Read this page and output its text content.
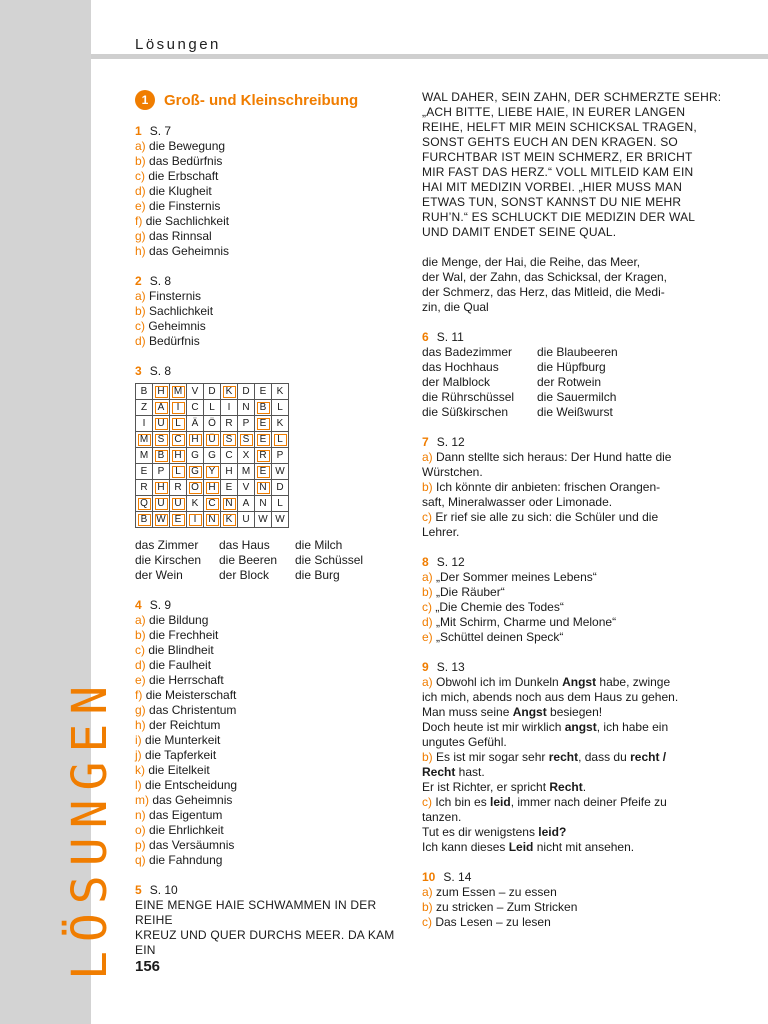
LÖSUNGEN
Lösungen
1	Groß- und Kleinschreibung
1 S. 7
a) die Bewegung
b) das Bedürfnis
c) die Erbschaft
d) die Klugheit
e) die Finsternis
f) die Sachlichkeit
g) das Rinnsal
h) das Geheimnis
2 S. 8
a) Finsternis
b) Sachlichkeit
c) Geheimnis
d) Bedürfnis
3 S. 8
B	H	M	V	D	K	D	E	K
Z	A	I	C	L	I	N	B	L
I	U	L	Ä	Ö	R	P	E	K
M	S	C	H	Ü	S	S	E	L
M	B	H	G	G	C	X	R	P
E	P	L	G	Y	H	M	E	W
R	H	R	O	H	E	V	N	D
Q	U	U	K	C	N	A	N	L
B	W	E	I	N	K	U	W	W
das Zimmer	das Haus	die Milch
die Kirschen	die Beeren	die Schüssel
der Wein	der Block	die Burg
4 S. 9
a) die Bildung
b) die Frechheit
c) die Blindheit
d) die Faulheit
e) die Herrschaft
f) die Meisterschaft
g) das Christentum
h) der Reichtum
i) die Munterkeit
j) die Tapferkeit
k) die Eitelkeit
l) die Entscheidung
m) das Geheimnis
n) das Eigentum
o) die Ehrlichkeit
p) das Versäumnis
q) die Fahndung
5 S. 10
EINE MENGE HAIE SCHWAMMEN IN DER REIHE
KREUZ UND QUER DURCHS MEER. DA KAM EIN
WAL DAHER, SEIN ZAHN, DER SCHMERZTE SEHR:
„ACH BITTE, LIEBE HAIE, IN EURER LANGEN
REIHE, HELFT MIR MEIN SCHICKSAL TRAGEN,
SONST GEHTS EUCH AN DEN KRAGEN. SO
FURCHTBAR IST MEIN SCHMERZ, ER BRICHT
MIR FAST DAS HERZ.“ VOLL MITLEID KAM EIN
HAI MIT MEDIZIN VORBEI. „HIER MUSS MAN
ETWAS TUN, SONST KANNST DU NIE MEHR
RUH’N.“ ES SCHLUCKT DIE MEDIZIN DER WAL
UND DAMIT ENDET SEINE QUAL.
die Menge, der Hai, die Reihe, das Meer,
der Wal, der Zahn, das Schicksal, der Kragen,
der Schmerz, das Herz, das Mitleid, die Medi-
zin, die Qual
6 S. 11
das Badezimmer	die Blaubeeren
das Hochhaus	die Hüpfburg
der Malblock	der Rotwein
die Rührschüssel	die Sauermilch
die Süßkirschen	die Weißwurst
7 S. 12
a) Dann stellte sich heraus: Der Hund hatte die
Würstchen.
b) Ich könnte dir anbieten: frischen Orangen-
saft, Mineralwasser oder Limonade.
c) Er rief sie alle zu sich: die Schüler und die
Lehrer.
8 S. 12
a) „Der Sommer meines Lebens“
b) „Die Räuber“
c) „Die Chemie des Todes“
d) „Mit Schirm, Charme und Melone“
e) „Schüttel deinen Speck“
9 S. 13
a) Obwohl ich im Dunkeln Angst habe, zwinge
ich mich, abends noch aus dem Haus zu gehen.
Man muss seine Angst besiegen!
Doch heute ist mir wirklich angst, ich habe ein
ungutes Gefühl.
b) Es ist mir sogar sehr recht, dass du recht /
Recht hast.
Er ist Richter, er spricht Recht.
c) Ich bin es leid, immer nach deiner Pfeife zu
tanzen.
Tut es dir wenigstens leid?
Ich kann dieses Leid nicht mit ansehen.
10 S. 14
a) zum Essen – zu essen
b) zu stricken – Zum Stricken
c) Das Lesen – zu lesen
156
